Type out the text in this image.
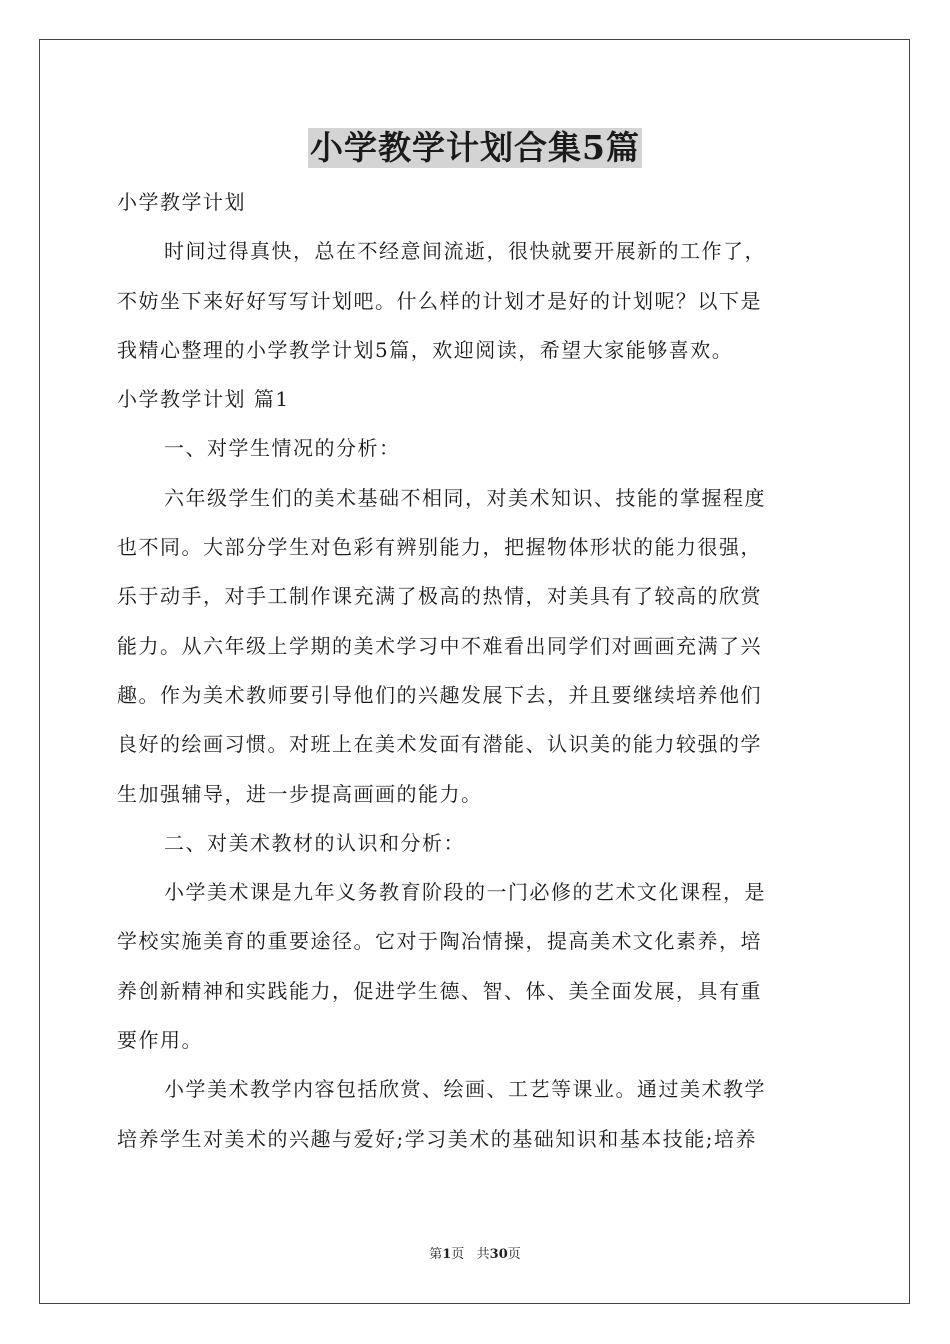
小学教学计划合集5篇
小学教学计划
时间过得真快，总在不经意间流逝，很快就要开展新的工作了，
不妨坐下来好好写写计划吧。什么样的计划才是好的计划呢？以下是
我精心整理的小学教学计划5篇，欢迎阅读，希望大家能够喜欢。
小学教学计划 篇1
一、对学生情况的分析：
六年级学生们的美术基础不相同，对美术知识、技能的掌握程度
也不同。大部分学生对色彩有辨别能力，把握物体形状的能力很强，
乐于动手，对手工制作课充满了极高的热情，对美具有了较高的欣赏
能力。从六年级上学期的美术学习中不难看出同学们对画画充满了兴
趣。作为美术教师要引导他们的兴趣发展下去，并且要继续培养他们
良好的绘画习惯。对班上在美术发面有潜能、认识美的能力较强的学
生加强辅导，进一步提高画画的能力。
二、对美术教材的认识和分析：
小学美术课是九年义务教育阶段的一门必修的艺术文化课程，是
学校实施美育的重要途径。它对于陶冶情操，提高美术文化素养，培
养创新精神和实践能力，促进学生德、智、体、美全面发展，具有重
要作用。
小学美术教学内容包括欣赏、绘画、工艺等课业。通过美术教学
培养学生对美术的兴趣与爱好;学习美术的基础知识和基本技能;培养
第1页   共30页
